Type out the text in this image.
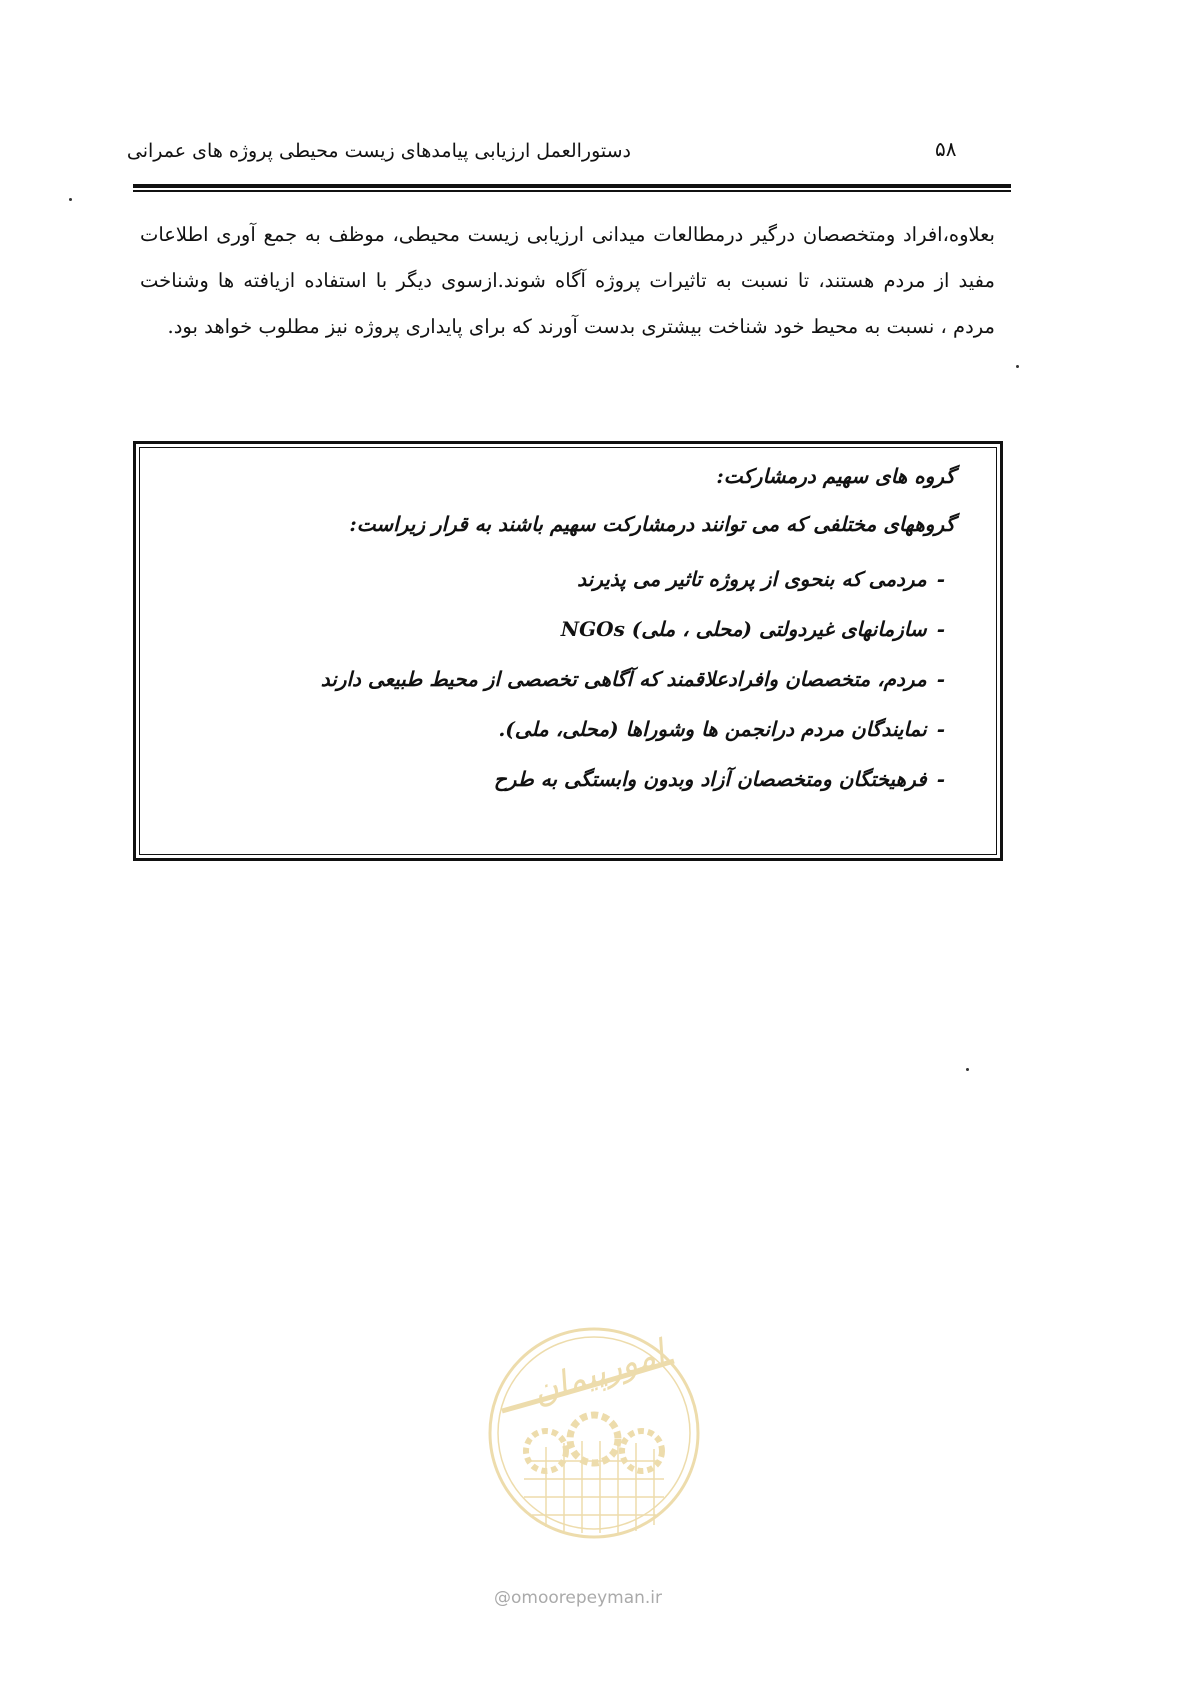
۵۸
دستورالعمل ارزیابی پیامدهای زیست محیطی پروژه های عمرانی

بعلاوه،افراد ومتخصصان درگیر درمطالعات میدانی ارزیابی زیست محیطی، موظف به جمع آوری اطلاعات مفید از مردم هستند، تا نسبت به تاثیرات پروژه آگاه شوند.ازسوی دیگر با استفاده ازیافته ها وشناخت مردم ، نسبت به محیط خود شناخت بیشتری بدست آورند که برای پایداری پروژه نیز مطلوب خواهد بود.

گروه های سهیم درمشارکت:

گروههای مختلفی که می توانند درمشارکت سهیم باشند به قرار زیراست:

-مردمی که بنحوی از پروژه تاثیر می پذیرند
-سازمانهای غیردولتی (محلی ، ملی) NGOs
-مردم، متخصصان وافرادعلاقمند که آگاهی تخصصی از محیط طبیعی دارند
-نمایندگان مردم درانجمن ها وشوراها (محلی، ملی).
-فرهیختگان ومتخصصان آزاد وبدون وابستگی به طرح
امورپیمان
@omoorepeyman.ir
